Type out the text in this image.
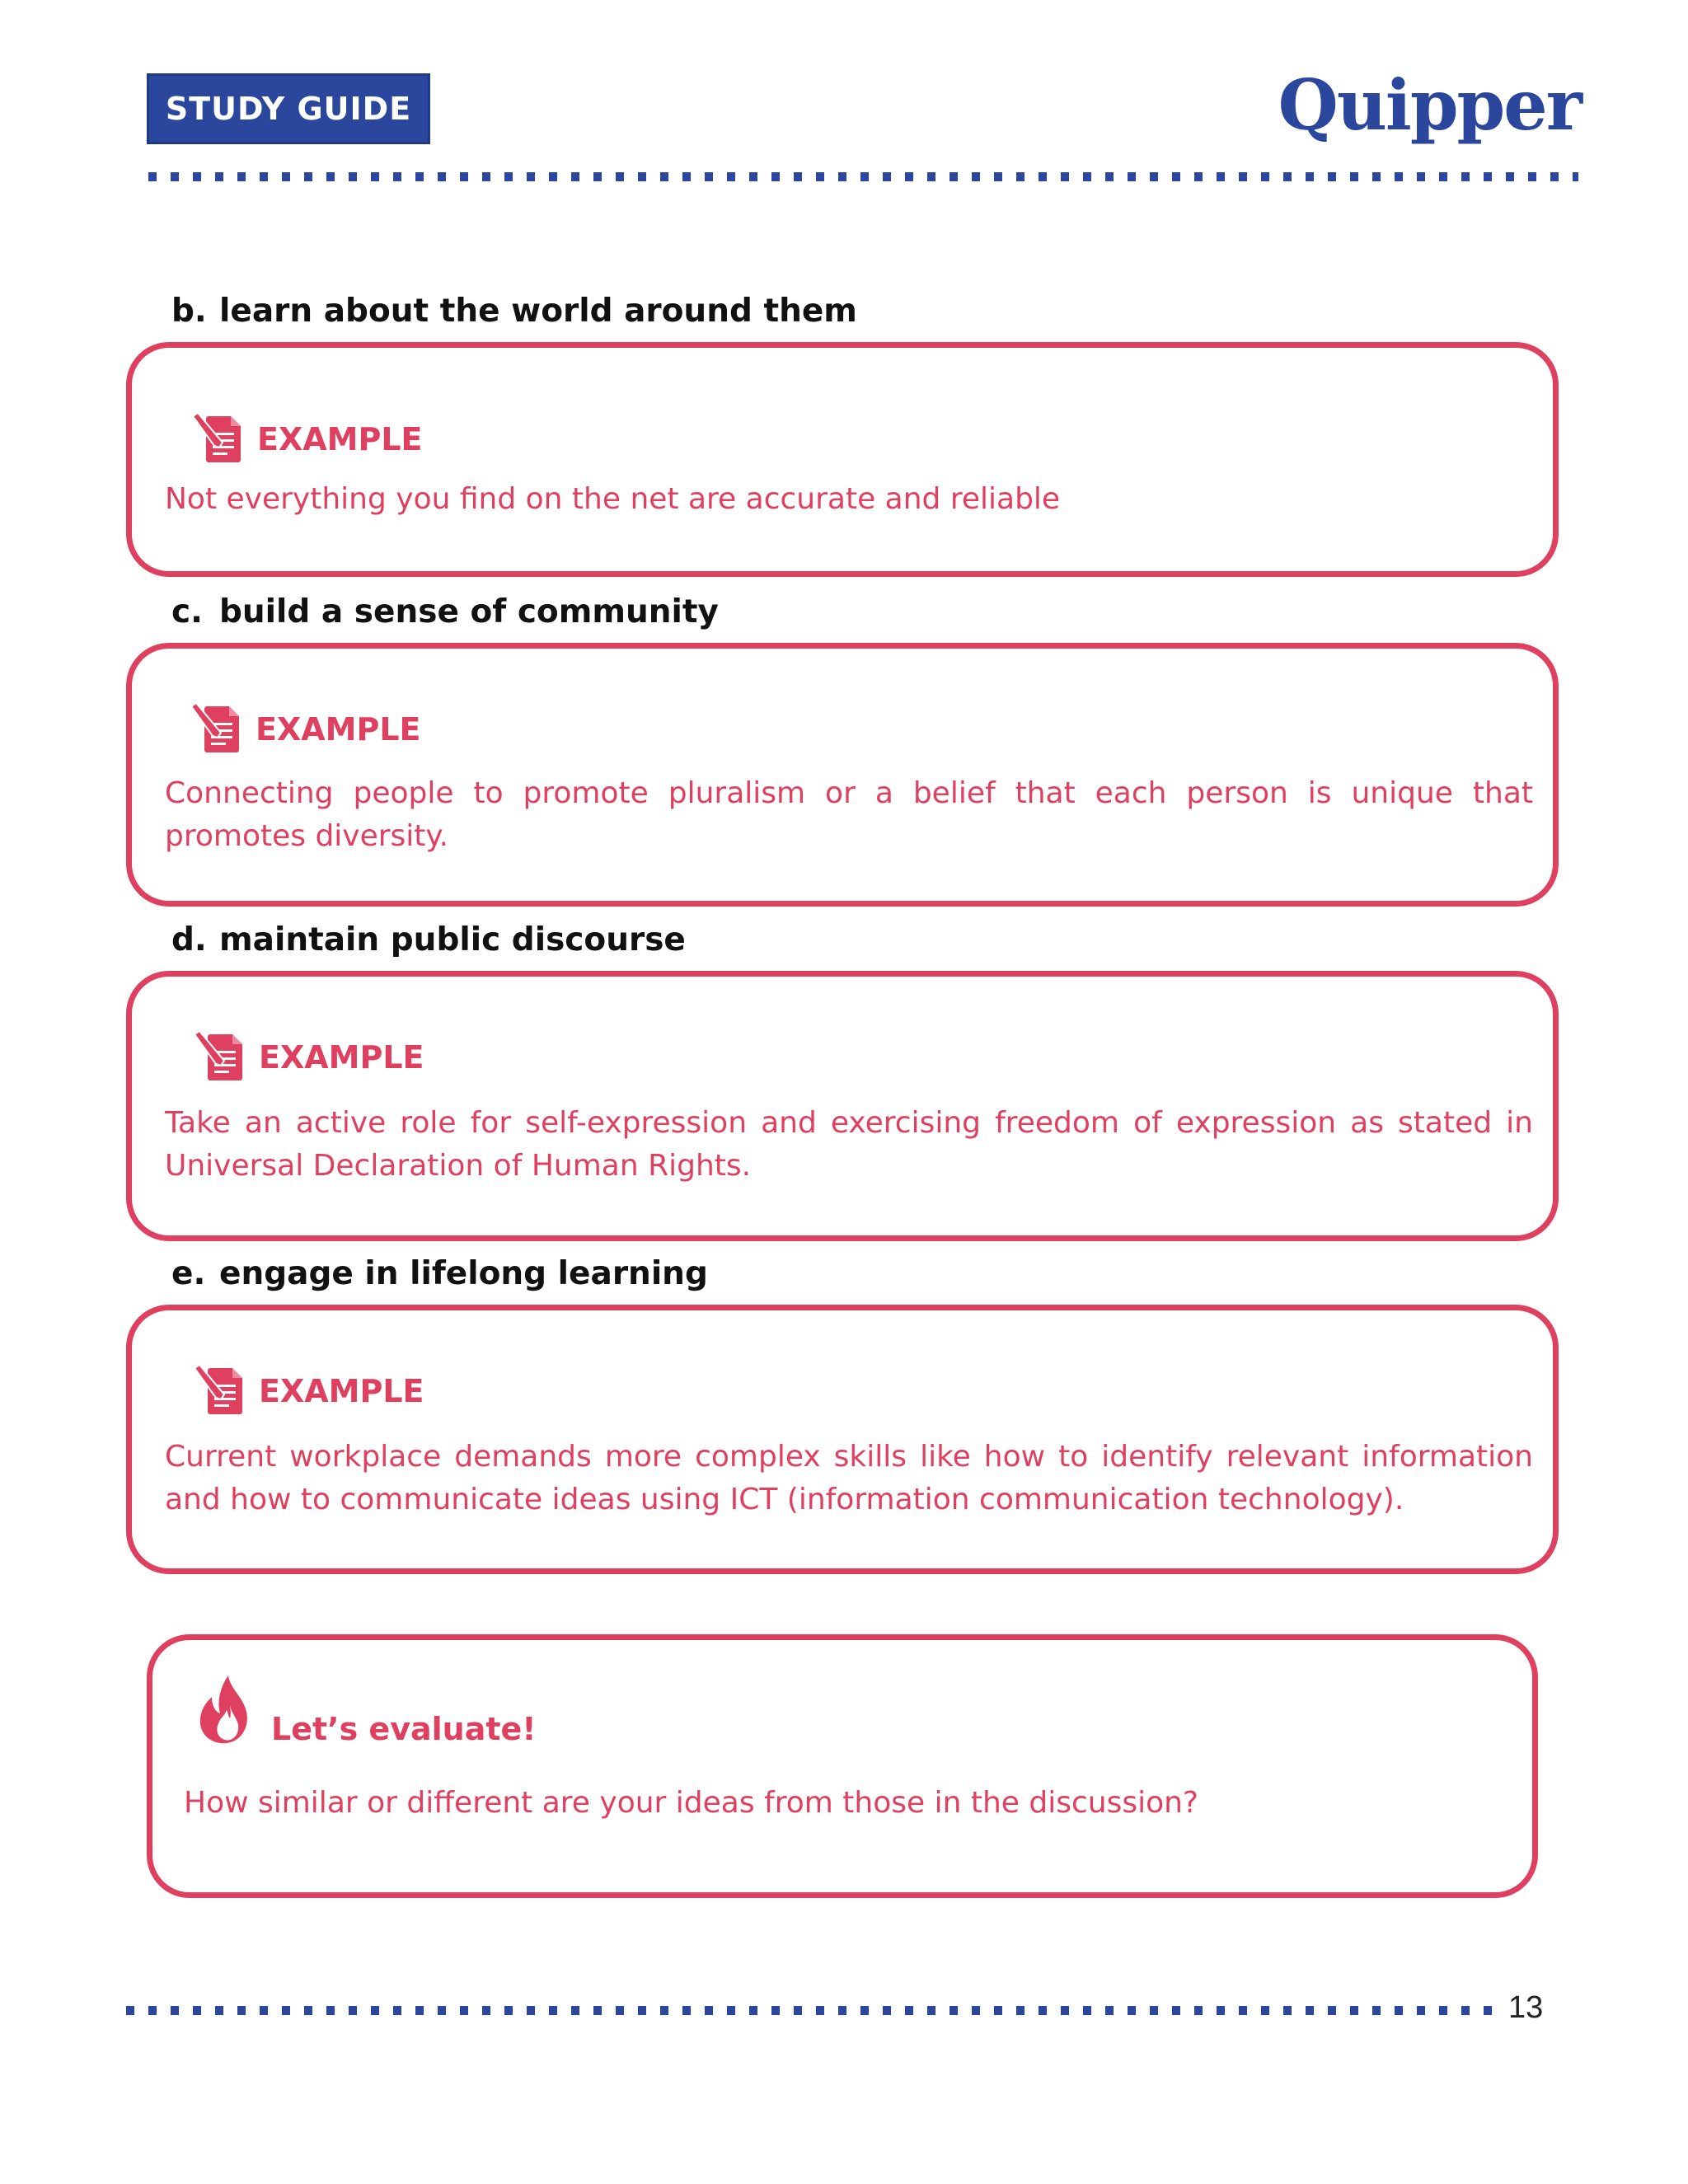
STUDY GUIDE	Quipper
b. learn about the world around them
EXAMPLE
Not everything you find on the net are accurate and reliable
c. build a sense of community
EXAMPLE
Connecting people to promote pluralism or a belief that each person is unique that promotes diversity.
d. maintain public discourse
EXAMPLE
Take an active role for self-expression and exercising freedom of expression as stated in Universal Declaration of Human Rights.
e. engage in lifelong learning
EXAMPLE
Current workplace demands more complex skills like how to identify relevant information and how to communicate ideas using ICT (information communication technology).
Let’s evaluate!
How similar or different are your ideas from those in the discussion?
13
